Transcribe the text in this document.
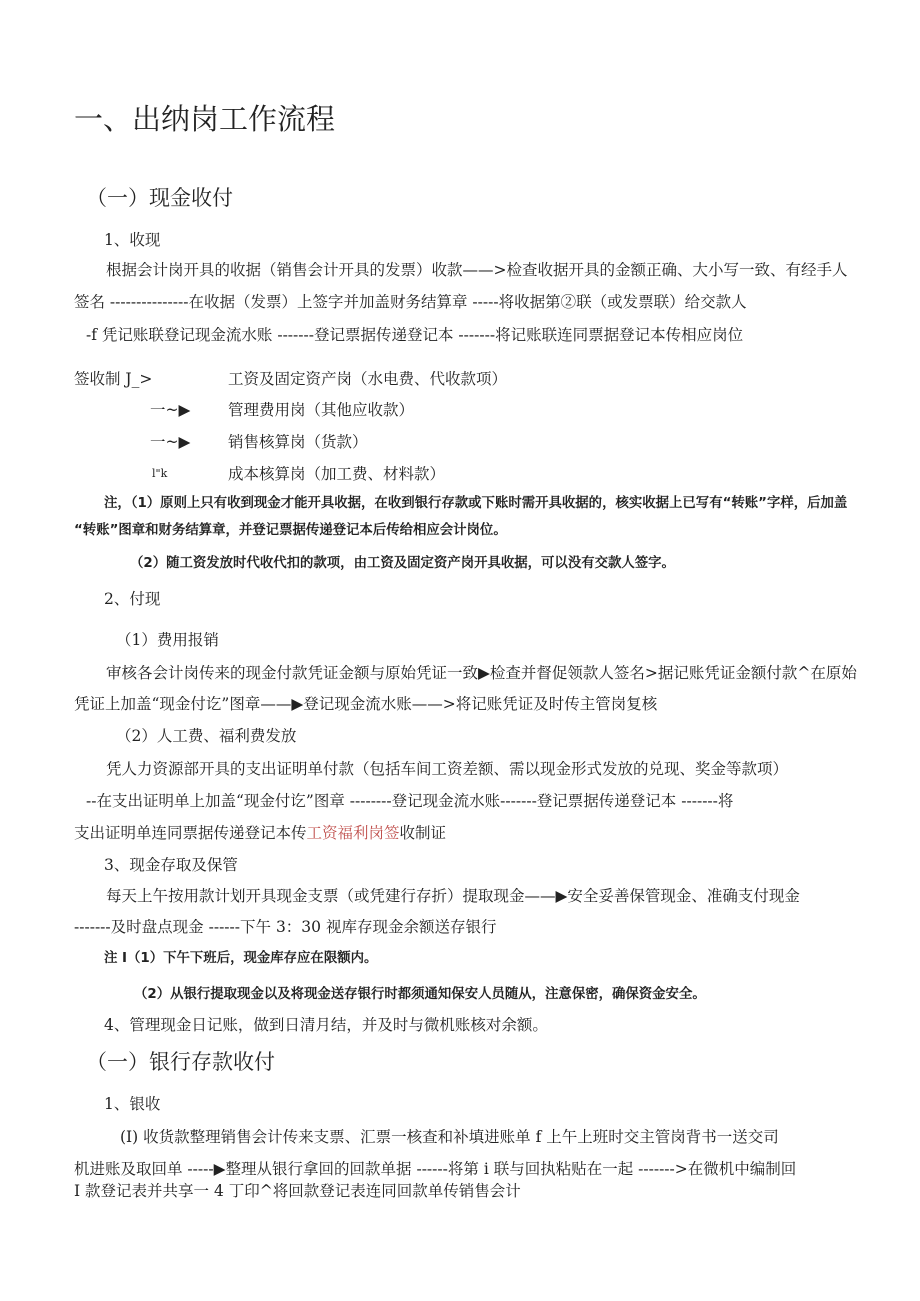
一、出纳岗工作流程
（一）现金收付
1、收现
根据会计岗开具的收据（销售会计开具的发票）收款——>检查收据开具的金额正确、大小写一致、有经手人
签名 ---------------在收据（发票）上签字并加盖财务结算章 -----将收据第②联（或发票联）给交款人
-f 凭记账联登记现金流水账 -------登记票据传递登记本 -------将记账联连同票据登记本传相应岗位
签收制 J_>	工资及固定资产岗（水电费、代收款项）
一~▶ 管理费用岗（其他应收款）
一~▶ 销售核算岗（货款）
l"k	成本核算岗（加工费、材料款）
注，（1）原则上只有收到现金才能开具收据，在收到银行存款或下账时需开具收据的，核实收据上已写有“转账”字样，后加盖
“转账”图章和财务结算章，并登记票据传递登记本后传给相应会计岗位。
（2）随工资发放时代收代扣的款项，由工资及固定资产岗开具收据，可以没有交款人签字。
2、付现
（1）费用报销
审核各会计岗传来的现金付款凭证金额与原始凭证一致▶检查并督促领款人签名>据记账凭证金额付款^在原始
凭证上加盖“现金付讫”图章——▶登记现金流水账——>将记账凭证及时传主管岗复核
（2）人工费、福利费发放
凭人力资源部开具的支出证明单付款（包括车间工资差额、需以现金形式发放的兑现、奖金等款项）
--在支出证明单上加盖“现金付讫”图章 --------登记现金流水账-------登记票据传递登记本 -------将
支出证明单连同票据传递登记本传工资福利岗签收制证
3、现金存取及保管
每天上午按用款计划开具现金支票（或凭建行存折）提取现金——▶安全妥善保管现金、准确支付现金
-------及时盘点现金 ------下午 3：30 视库存现金余额送存银行
注 I（1）下午下班后，现金库存应在限额内。
（2）从银行提取现金以及将现金送存银行时都须通知保安人员随从，注意保密，确保资金安全。
4、管理现金日记账，做到日清月结，并及时与微机账核对余额。
（一）银行存款收付
1、银收
(I) 收货款整理销售会计传来支票、汇票一核查和补填进账单 f 上午上班时交主管岗背书一送交司
机进账及取回单 -----▶整理从银行拿回的回款单据 ------将第 i 联与回执粘贴在一起 ------->在微机中编制回
I 款登记表并共享一 4 丁印^将回款登记表连同回款单传销售会计
